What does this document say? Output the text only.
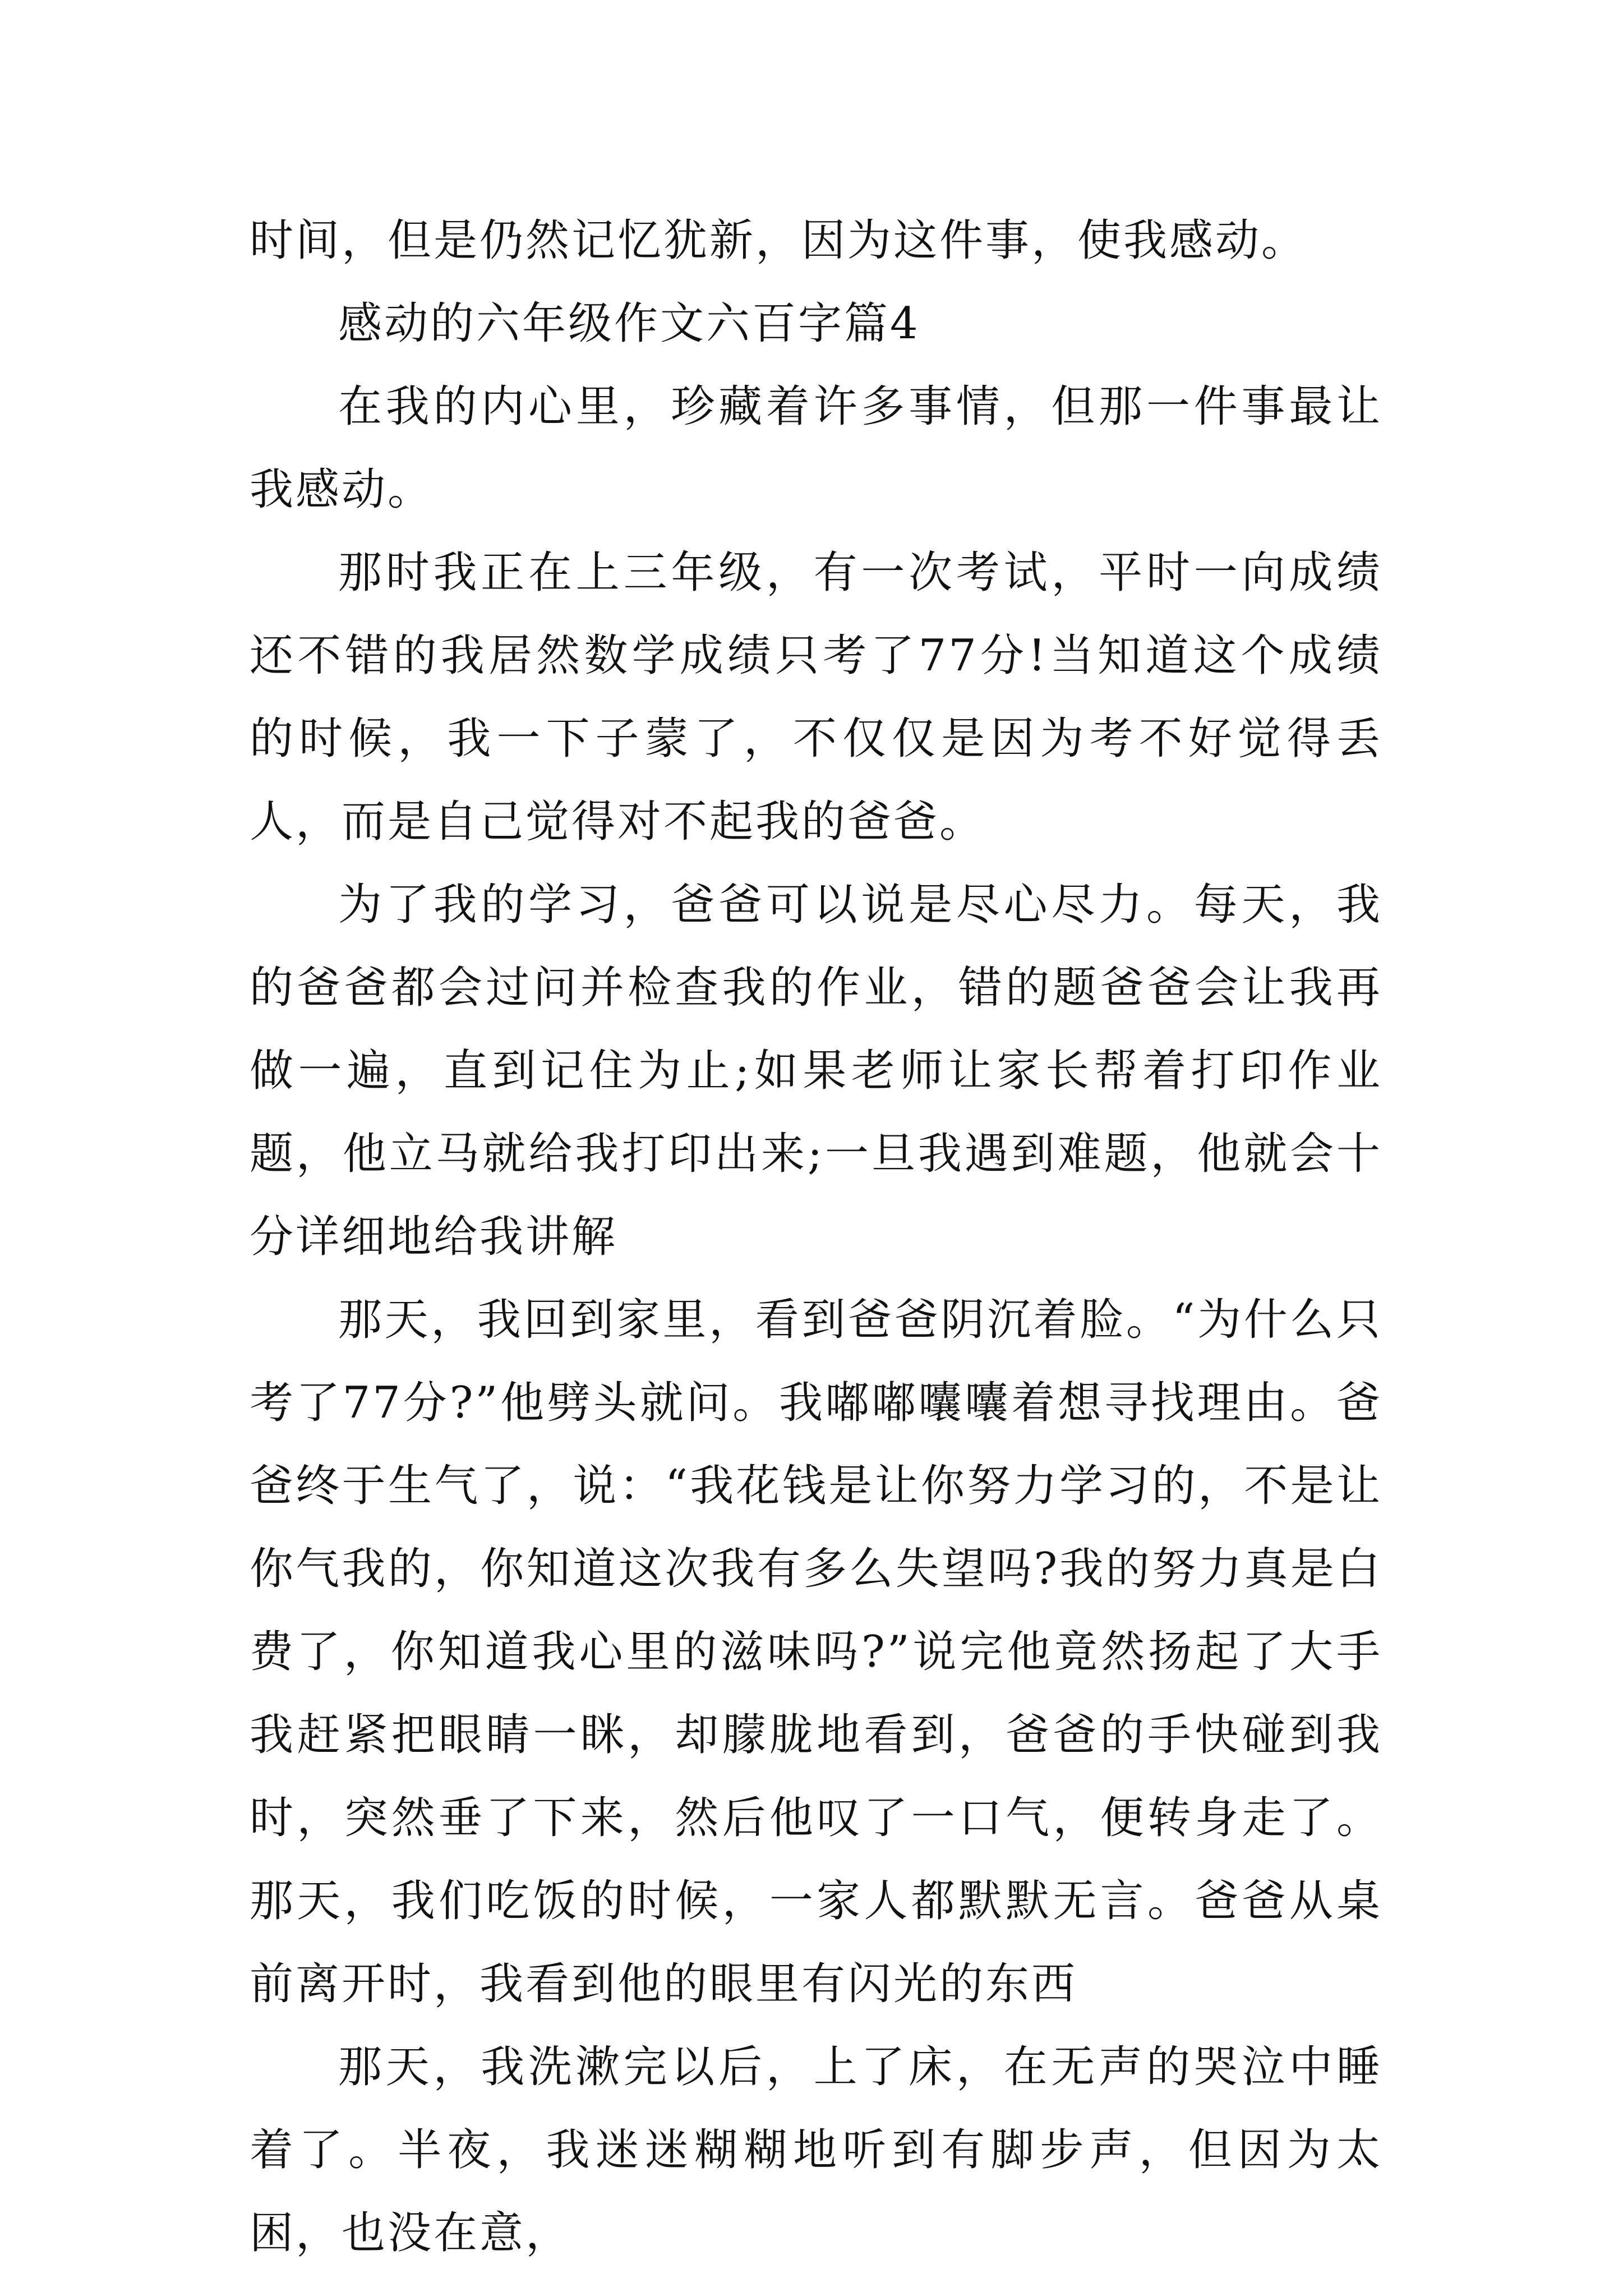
时间，但是仍然记忆犹新，因为这件事，使我感动。

感动的六年级作文六百字篇4

在我的内心里，珍藏着许多事情，但那一件事最让我感动。

那时我正在上三年级，有一次考试，平时一向成绩还不错的我居然数学成绩只考了77分!当知道这个成绩的时候，我一下子蒙了，不仅仅是因为考不好觉得丢人，而是自己觉得对不起我的爸爸。

为了我的学习，爸爸可以说是尽心尽力。每天，我的爸爸都会过问并检查我的作业，错的题爸爸会让我再做一遍，直到记住为止;如果老师让家长帮着打印作业题，他立马就给我打印出来;一旦我遇到难题，他就会十分详细地给我讲解

那天，我回到家里，看到爸爸阴沉着脸。“为什么只考了77分?”他劈头就问。我嘟嘟囔囔着想寻找理由。爸爸终于生气了，说：“我花钱是让你努力学习的，不是让你气我的，你知道这次我有多么失望吗?我的努力真是白费了，你知道我心里的滋味吗?”说完他竟然扬起了大手我赶紧把眼睛一眯，却朦胧地看到，爸爸的手快碰到我时，突然垂了下来，然后他叹了一口气，便转身走了。那天，我们吃饭的时候，一家人都默默无言。爸爸从桌前离开时，我看到他的眼里有闪光的东西

那天，我洗漱完以后，上了床，在无声的哭泣中睡着了。半夜，我迷迷糊糊地听到有脚步声，但因为太困，也没在意，
